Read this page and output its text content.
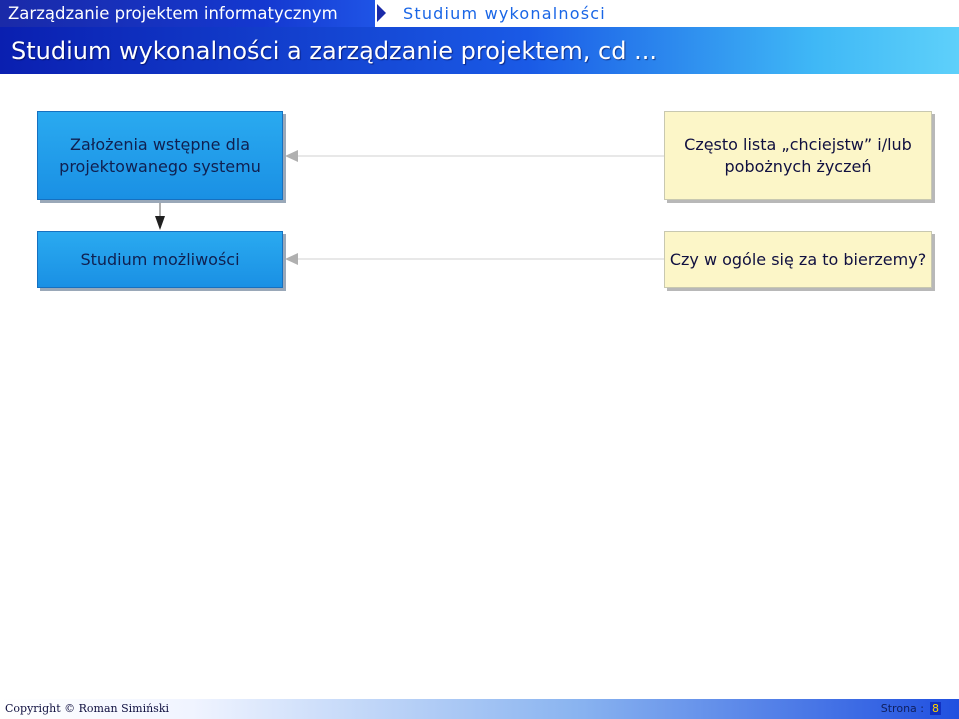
Zarządzanie projektem informatycznym	Studium wykonalności
Studium wykonalności a zarządzanie projektem, cd ...
Założenia wstępne dla projektowanego systemu
Studium możliwości
Często lista „chciejstw” i/lub pobożnych życzeń
Czy w ogóle się za to bierzemy?
Copyright © Roman Simiński	Strona : 8
